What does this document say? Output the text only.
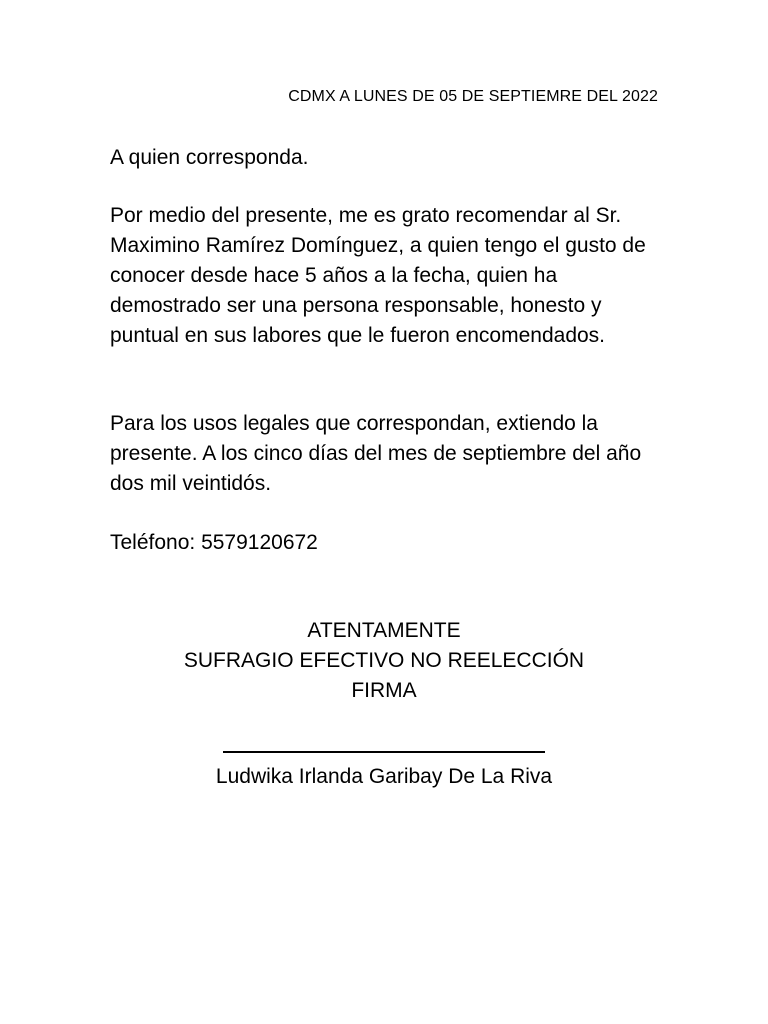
CDMX A LUNES DE 05 DE SEPTIEMRE DEL 2022

A quien corresponda.

Por medio del presente, me es grato recomendar al Sr. Maximino Ramírez Domínguez, a quien tengo el gusto de conocer desde hace 5 años a la fecha, quien ha demostrado ser una persona responsable, honesto y puntual en sus labores que le fueron encomendados.

Para los usos legales que correspondan, extiendo la presente. A los cinco días del mes de septiembre del año dos mil veintidós.

Teléfono: 5579120672

ATENTAMENTE
SUFRAGIO EFECTIVO NO REELECCIÓN
FIRMA
Ludwika Irlanda Garibay De La Riva
